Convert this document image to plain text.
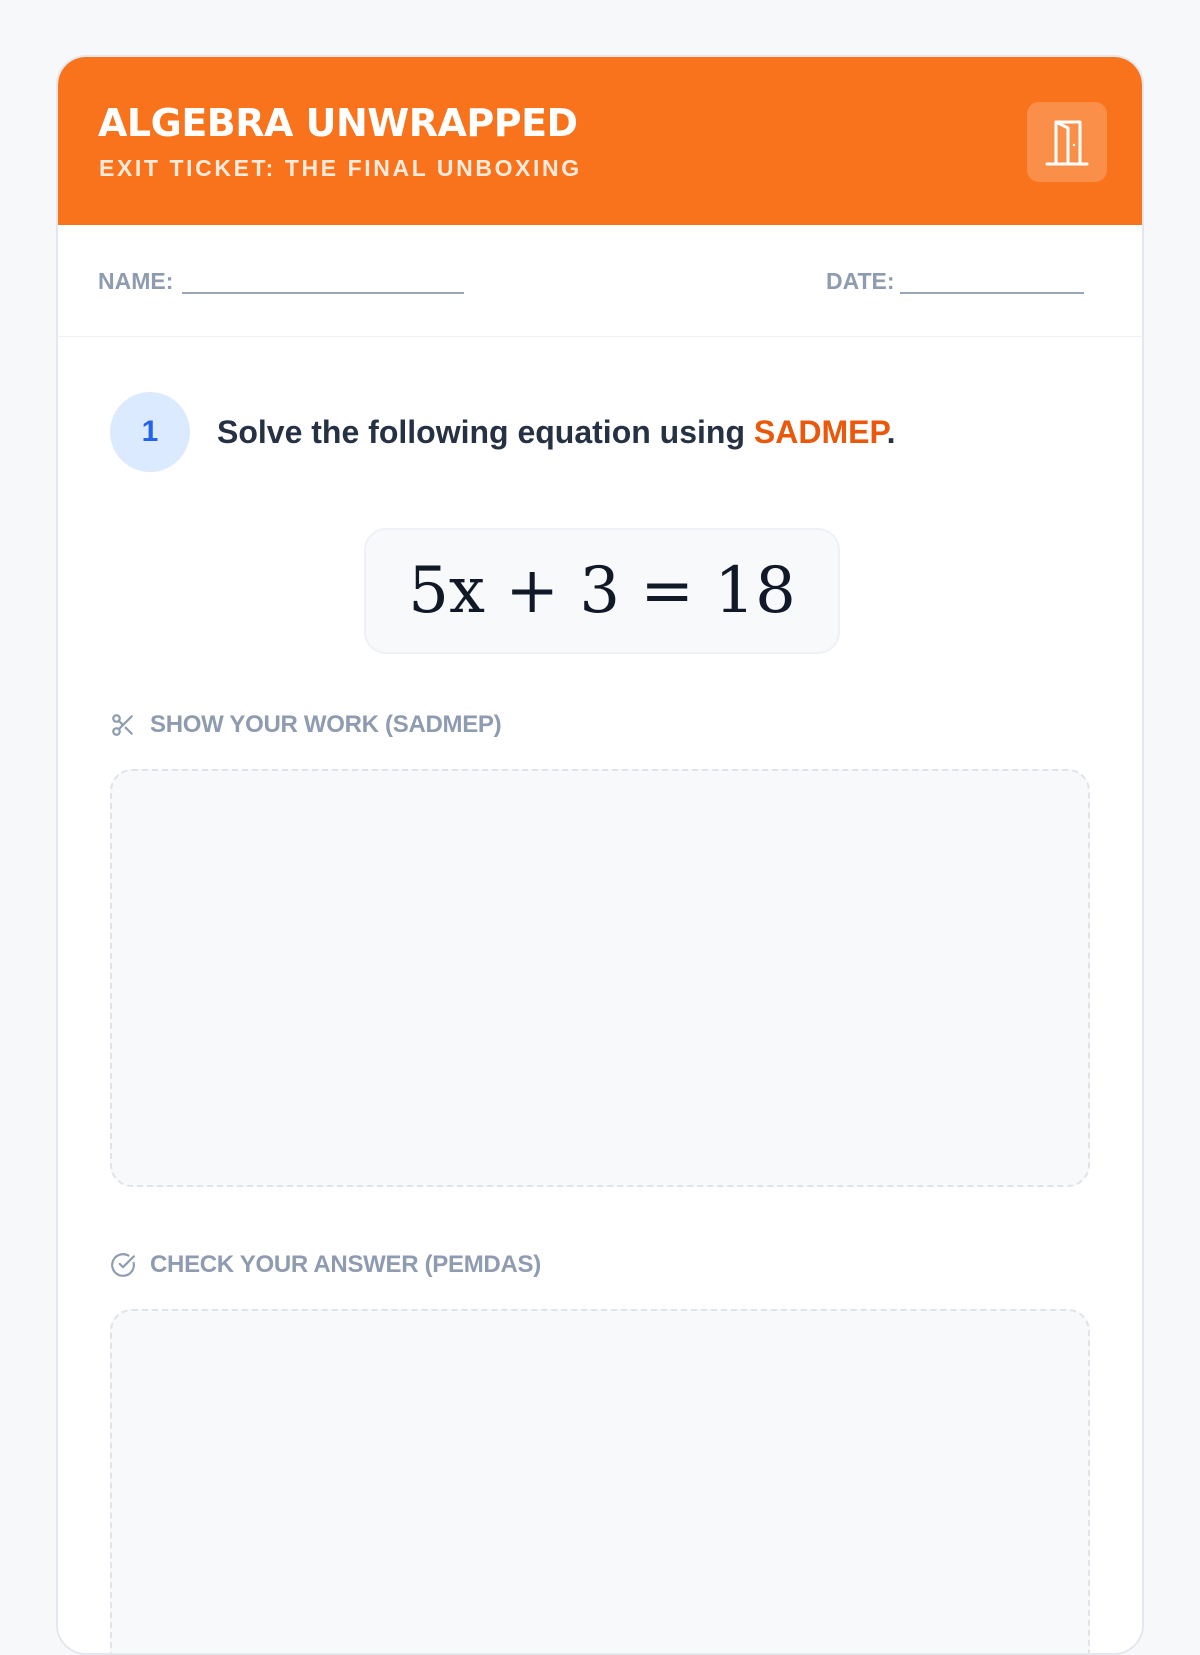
ALGEBRA UNWRAPPED
EXIT TICKET: THE FINAL UNBOXING
NAME:	DATE:
1	Solve the following equation using SADMEP.
5x + 3 = 18
SHOW YOUR WORK (SADMEP)
CHECK YOUR ANSWER (PEMDAS)
